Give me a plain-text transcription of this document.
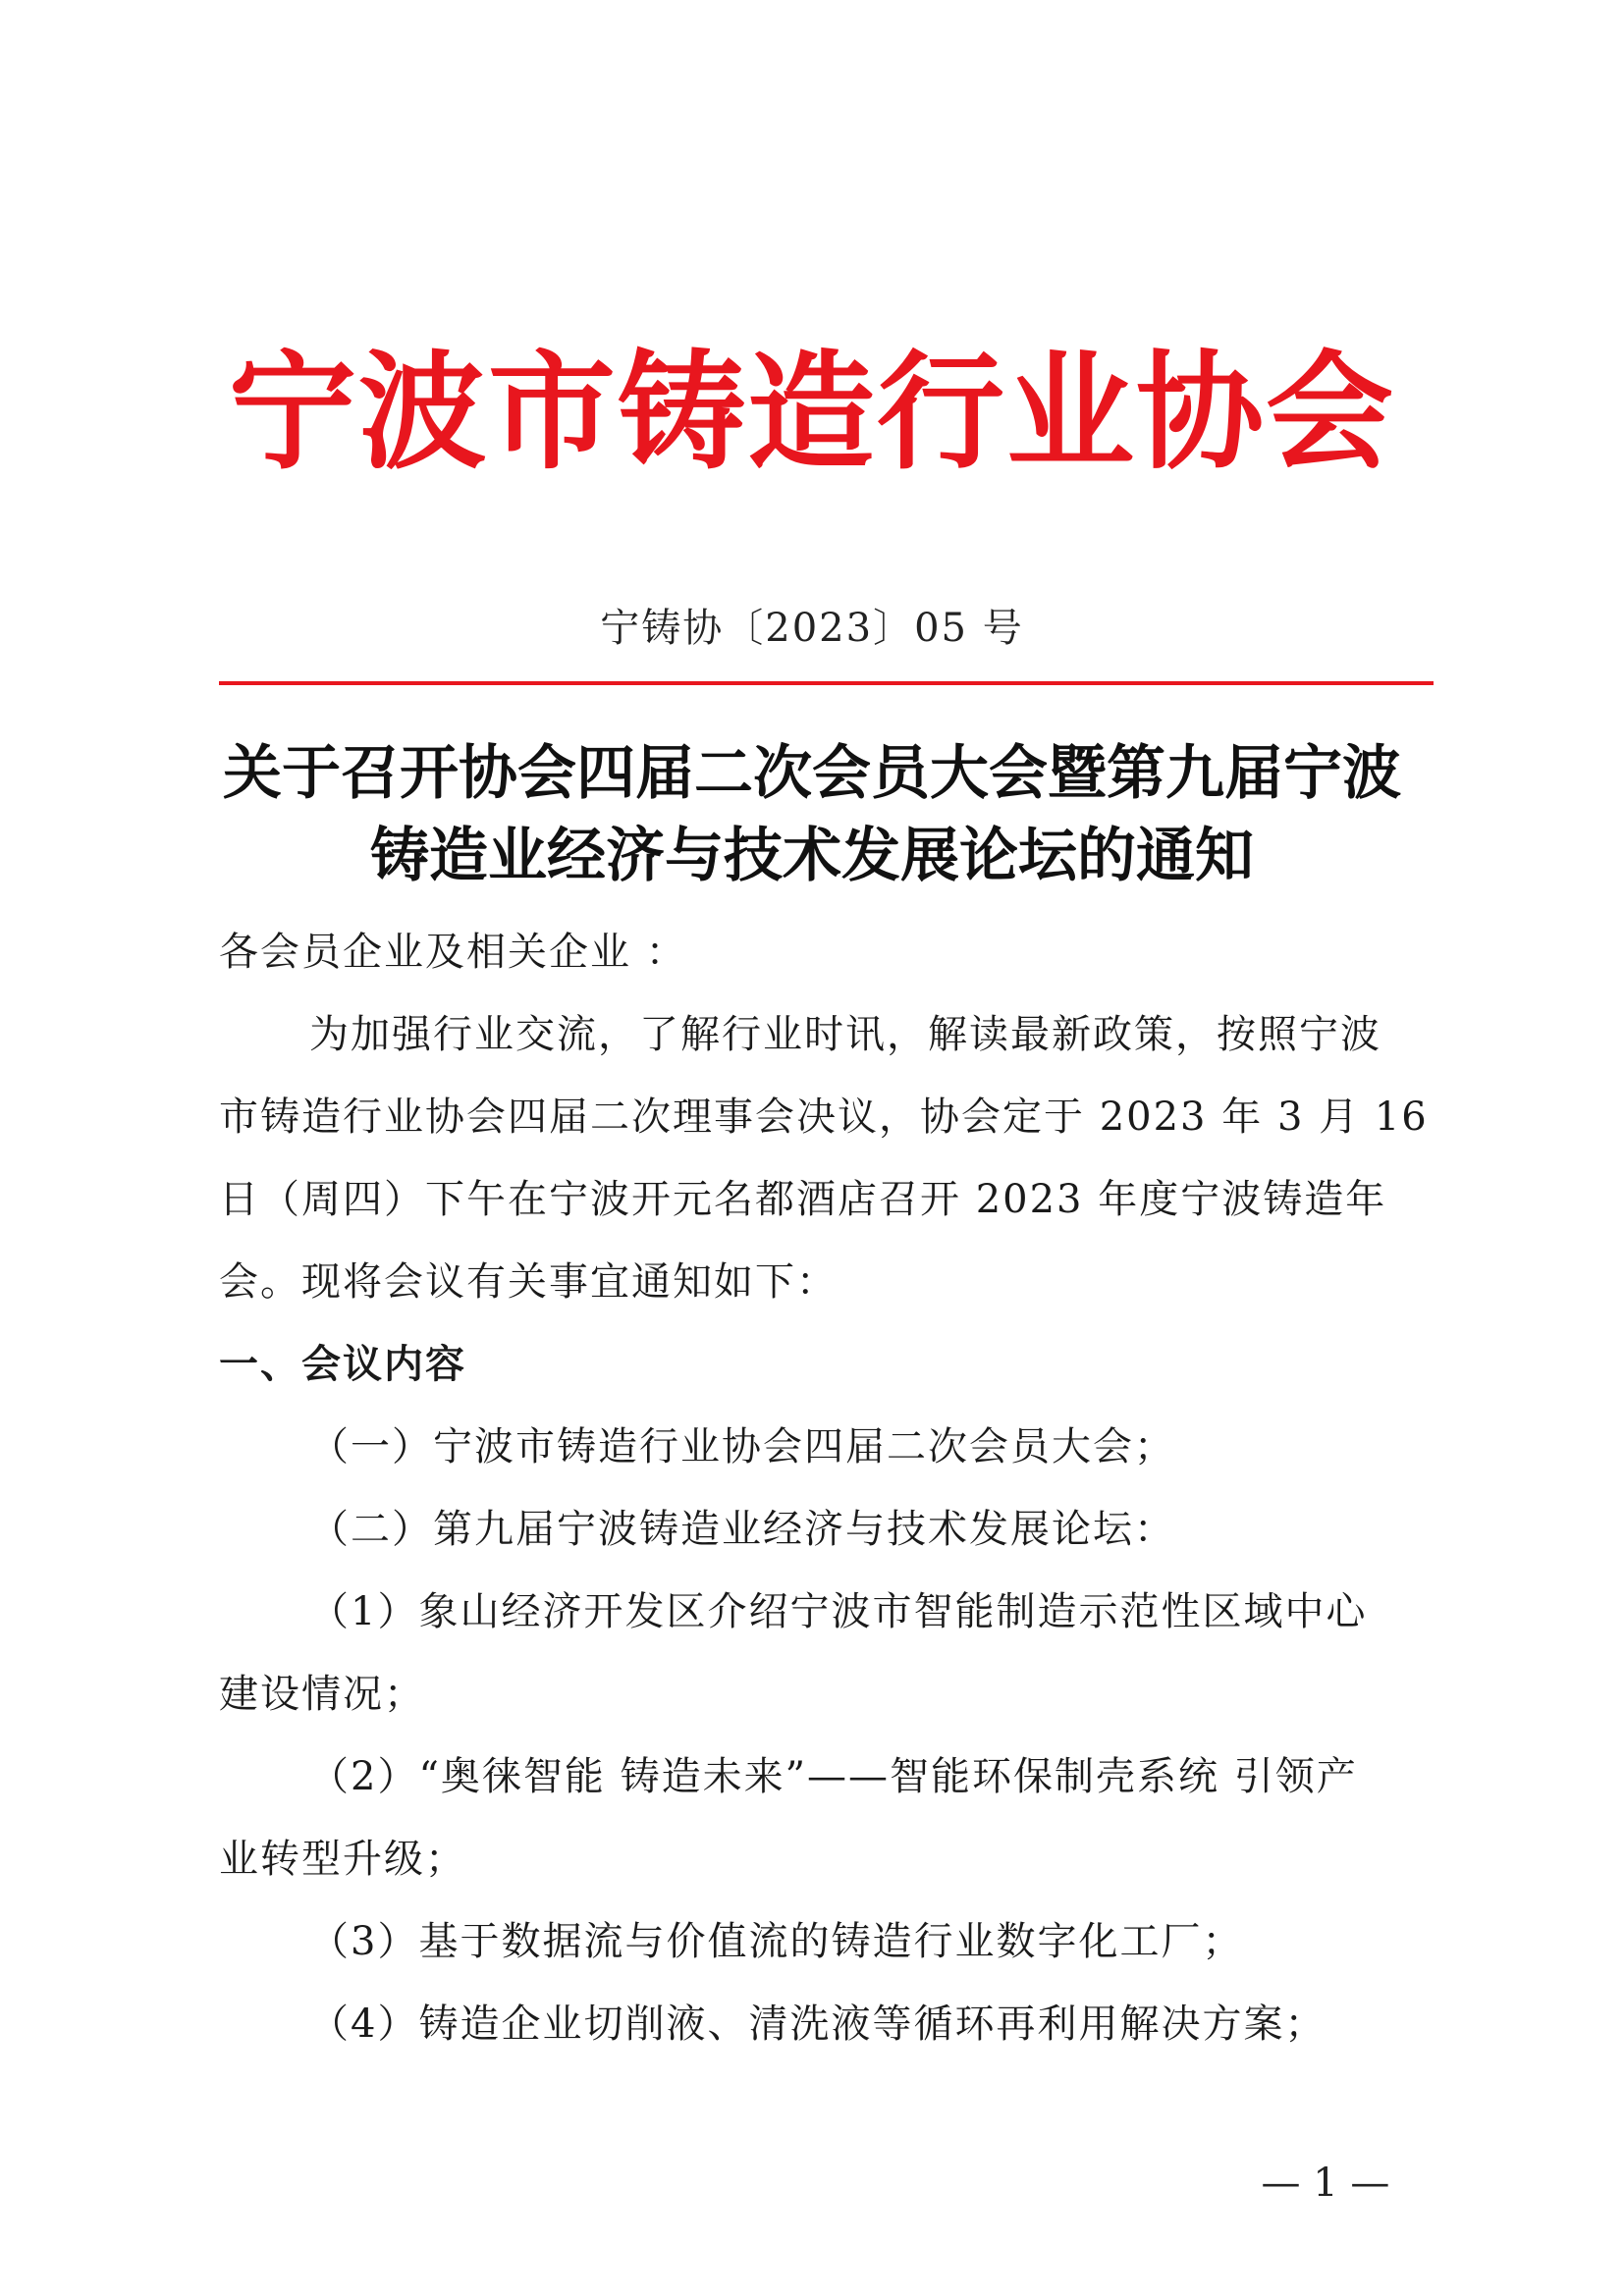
宁波市铸造行业协会
宁铸协〔2023〕05 号
关于召开协会四届二次会员大会暨第九届宁波
铸造业经济与技术发展论坛的通知

各会员企业及相关企业 ：

为加强行业交流，了解行业时讯，解读最新政策，按照宁波

市铸造行业协会四届二次理事会决议，协会定于 2023 年 3 月 16

日（周四）下午在宁波开元名都酒店召开 2023 年度宁波铸造年

会。现将会议有关事宜通知如下：

一、会议内容

（一）宁波市铸造行业协会四届二次会员大会；

（二）第九届宁波铸造业经济与技术发展论坛：

（1）象山经济开发区介绍宁波市智能制造示范性区域中心

建设情况；

（2）“奥徕智能 铸造未来”——智能环保制壳系统 引领产

业转型升级；

（3）基于数据流与价值流的铸造行业数字化工厂；

（4）铸造企业切削液、清洗液等循环再利用解决方案；

— 1 —
